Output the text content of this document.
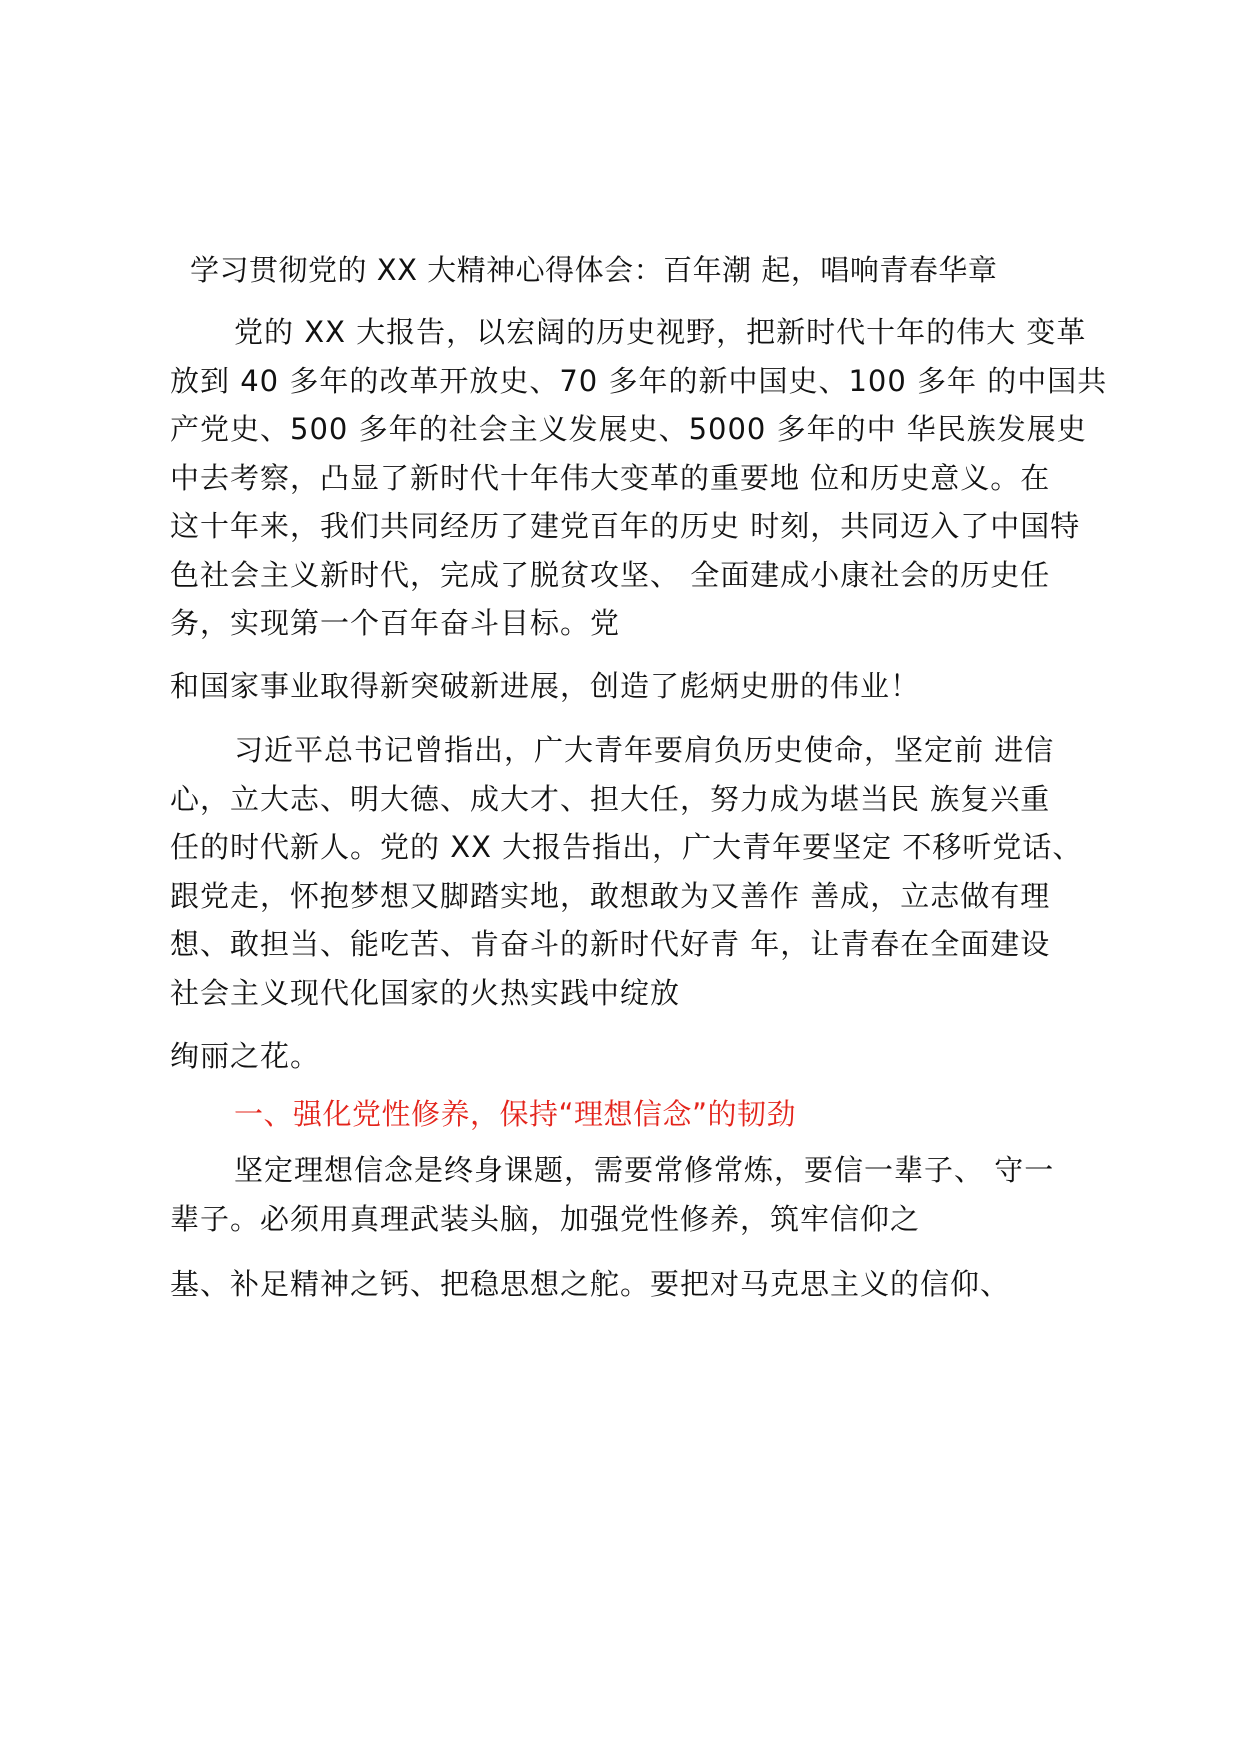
学习贯彻党的 XX 大精神心得体会：百年潮 起，唱响青春华章
党的 XX 大报告，以宏阔的历史视野，把新时代十年的伟大 变革
放到 40 多年的改革开放史、70 多年的新中国史、100 多年 的中国共
产党史、500 多年的社会主义发展史、5000 多年的中 华民族发展史
中去考察，凸显了新时代十年伟大变革的重要地 位和历史意义。在
这十年来，我们共同经历了建党百年的历史 时刻，共同迈入了中国特
色社会主义新时代，完成了脱贫攻坚、 全面建成小康社会的历史任
务，实现第一个百年奋斗目标。党
和国家事业取得新突破新进展，创造了彪炳史册的伟业！
习近平总书记曾指出，广大青年要肩负历史使命，坚定前 进信
心，立大志、明大德、成大才、担大任，努力成为堪当民 族复兴重
任的时代新人。党的 XX 大报告指出，广大青年要坚定 不移听党话、
跟党走，怀抱梦想又脚踏实地，敢想敢为又善作 善成，立志做有理
想、敢担当、能吃苦、肯奋斗的新时代好青 年，让青春在全面建设
社会主义现代化国家的火热实践中绽放
绚丽之花。
一、强化党性修养，保持“理想信念”的韧劲
坚定理想信念是终身课题，需要常修常炼，要信一辈子、 守一
辈子。必须用真理武装头脑，加强党性修养，筑牢信仰之
基、补足精神之钙、把稳思想之舵。要把对马克思主义的信仰、
